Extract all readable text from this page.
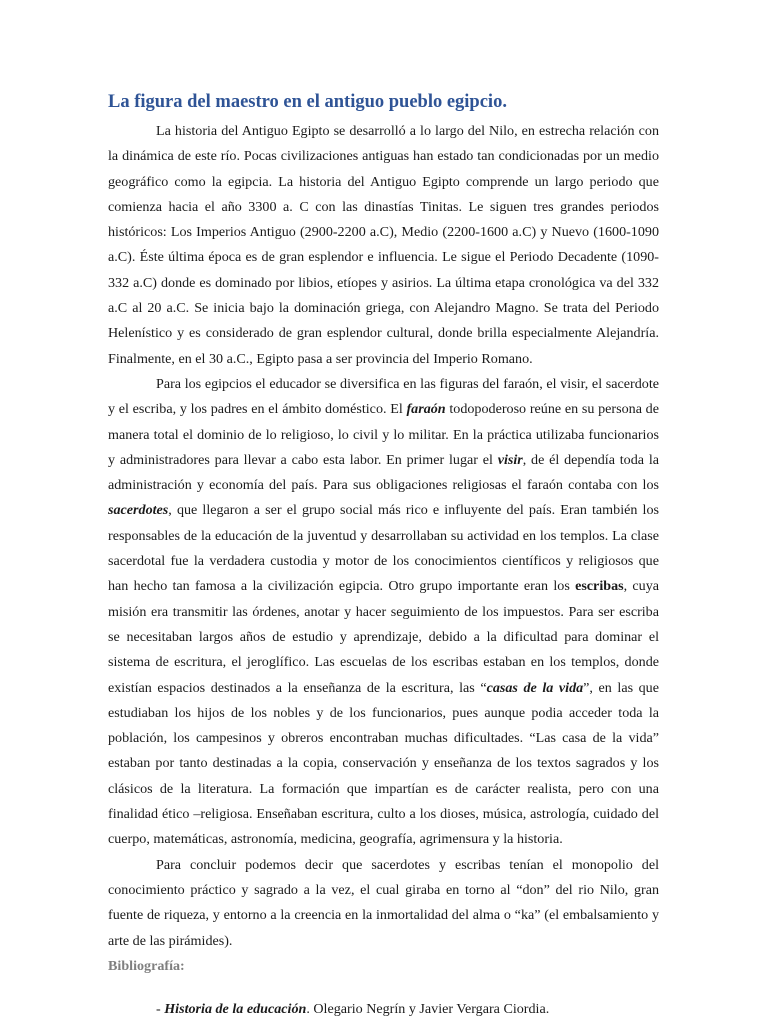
La figura del maestro en el antiguo pueblo egipcio.

La historia del Antiguo Egipto se desarrolló a lo largo del Nilo, en estrecha relación con la dinámica de este río. Pocas civilizaciones antiguas han estado tan condicionadas por un medio geográfico como la egipcia. La historia del Antiguo Egipto comprende un largo periodo que comienza hacia el año 3300 a. C con las dinastías Tinitas. Le siguen tres grandes periodos históricos: Los Imperios Antiguo (2900-2200 a.C), Medio (2200-1600 a.C) y Nuevo (1600-1090 a.C). Éste última época es de gran esplendor e influencia. Le sigue el Periodo Decadente (1090-332 a.C) donde es dominado por libios, etíopes y asirios. La última etapa cronológica va del 332 a.C al 20 a.C. Se inicia bajo la dominación griega, con Alejandro Magno. Se trata del Periodo Helenístico y es considerado de gran esplendor cultural, donde brilla especialmente Alejandría. Finalmente, en el 30 a.C., Egipto pasa a ser provincia del Imperio Romano.

Para los egipcios el educador se diversifica en las figuras del faraón, el visir, el sacerdote y el escriba, y los padres en el ámbito doméstico. El faraón todopoderoso reúne en su persona de manera total el dominio de lo religioso, lo civil y lo militar. En la práctica utilizaba funcionarios y administradores para llevar a cabo esta labor. En primer lugar el visir, de él dependía toda la administración y economía del país. Para sus obligaciones religiosas el faraón contaba con los sacerdotes, que llegaron a ser el grupo social más rico e influyente del país. Eran también los responsables de la educación de la juventud y desarrollaban su actividad en los templos. La clase sacerdotal fue la verdadera custodia y motor de los conocimientos científicos y religiosos que han hecho tan famosa a la civilización egipcia. Otro grupo importante eran los escribas, cuya misión era transmitir las órdenes, anotar y hacer seguimiento de los impuestos. Para ser escriba se necesitaban largos años de estudio y aprendizaje, debido a la dificultad para dominar el sistema de escritura, el jeroglífico. Las escuelas de los escribas estaban en los templos, donde existían espacios destinados a la enseñanza de la escritura, las “casas de la vida”, en las que estudiaban los hijos de los nobles y de los funcionarios, pues aunque podia acceder toda la población, los campesinos y obreros encontraban muchas dificultades. “Las casa de la vida” estaban por tanto destinadas a la copia, conservación y enseñanza de los textos sagrados y los clásicos de la literatura. La formación que impartían es de carácter realista, pero con una finalidad ético –religiosa. Enseñaban escritura, culto a los dioses, música, astrología, cuidado del cuerpo, matemáticas, astronomía, medicina, geografía, agrimensura y la historia.

Para concluir podemos decir que sacerdotes y escribas tenían el monopolio del conocimiento práctico y sagrado a la vez, el cual giraba en torno al “don” del rio Nilo, gran fuente de riqueza, y entorno a la creencia en la inmortalidad del alma o “ka” (el embalsamiento y arte de las pirámides).

Bibliografía:

- Historia de la educación. Olegario Negrín y Javier Vergara Ciordia.
